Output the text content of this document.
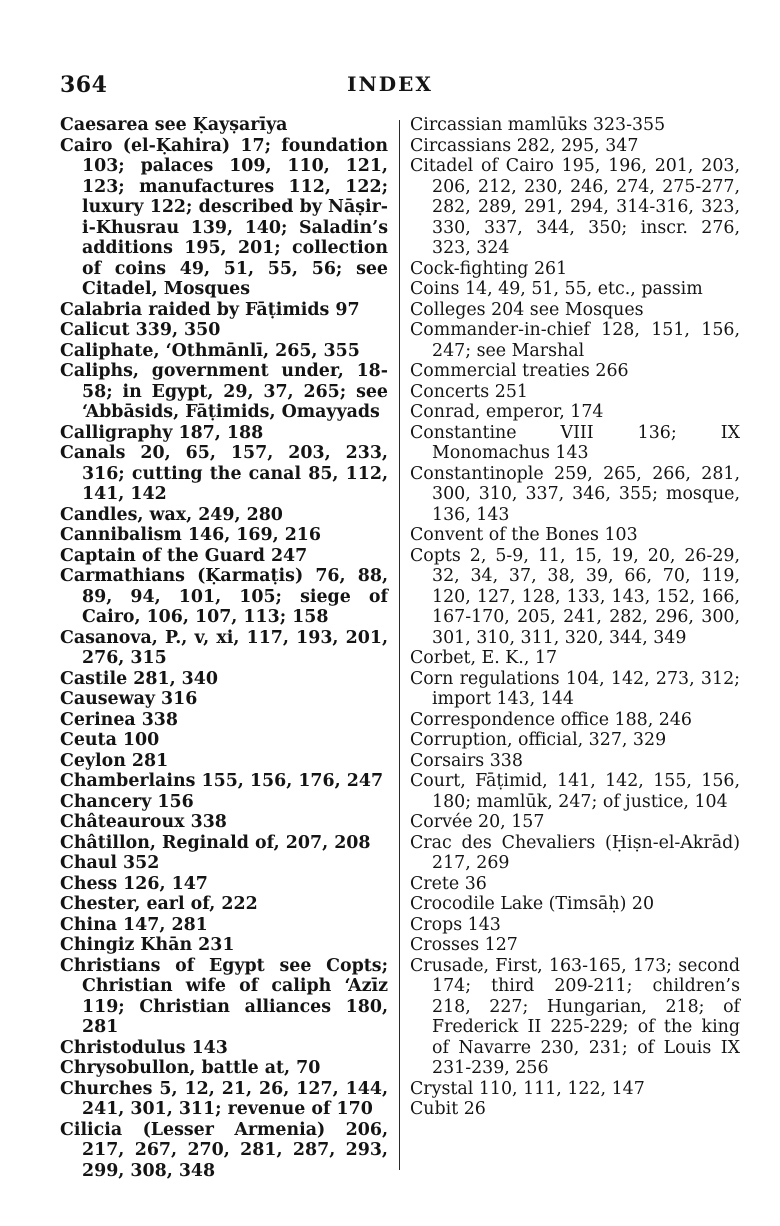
364	INDEX
Caesarea see Ḳayṣarīya
Cairo (el-Ḳahira) 17; foundation 103; palaces 109, 110, 121, 123; manufactures 112, 122; luxury 122; described by Nāṣir-i-Khusrau 139, 140; Saladin’s additions 195, 201; collection of coins 49, 51, 55, 56; see Citadel, Mosques
Calabria raided by Fāṭimids 97
Calicut 339, 350
Caliphate, ‘Othmānlī, 265, 355
Caliphs, government under, 18-58; in Egypt, 29, 37, 265; see ‘Abbāsids, Fāṭimids, Omayyads
Calligraphy 187, 188
Canals 20, 65, 157, 203, 233, 316; cutting the canal 85, 112, 141, 142
Candles, wax, 249, 280
Cannibalism 146, 169, 216
Captain of the Guard 247
Carmathians (Ḳarmaṭis) 76, 88, 89, 94, 101, 105; siege of Cairo, 106, 107, 113; 158
Casanova, P., v, xi, 117, 193, 201, 276, 315
Castile 281, 340
Causeway 316
Cerinea 338
Ceuta 100
Ceylon 281
Chamberlains 155, 156, 176, 247
Chancery 156
Châteauroux 338
Châtillon, Reginald of, 207, 208
Chaul 352
Chess 126, 147
Chester, earl of, 222
China 147, 281
Chingiz Khān 231
Christians of Egypt see Copts; Christian wife of caliph ‘Azīz 119; Christian alliances 180, 281
Christodulus 143
Chrysobullon, battle at, 70
Churches 5, 12, 21, 26, 127, 144, 241, 301, 311; revenue of 170
Cilicia (Lesser Armenia) 206, 217, 267, 270, 281, 287, 293, 299, 308, 348
Circassian mamlūks 323-355
Circassians 282, 295, 347
Citadel of Cairo 195, 196, 201, 203, 206, 212, 230, 246, 274, 275-277, 282, 289, 291, 294, 314-316, 323, 330, 337, 344, 350; inscr. 276, 323, 324
Cock-fighting 261
Coins 14, 49, 51, 55, etc., passim
Colleges 204 see Mosques
Commander-in-chief 128, 151, 156, 247; see Marshal
Commercial treaties 266
Concerts 251
Conrad, emperor, 174
Constantine VIII 136; IX Monomachus 143
Constantinople 259, 265, 266, 281, 300, 310, 337, 346, 355; mosque, 136, 143
Convent of the Bones 103
Copts 2, 5-9, 11, 15, 19, 20, 26-29, 32, 34, 37, 38, 39, 66, 70, 119, 120, 127, 128, 133, 143, 152, 166, 167-170, 205, 241, 282, 296, 300, 301, 310, 311, 320, 344, 349
Corbet, E. K., 17
Corn regulations 104, 142, 273, 312; import 143, 144
Correspondence office 188, 246
Corruption, official, 327, 329
Corsairs 338
Court, Fāṭimid, 141, 142, 155, 156, 180; mamlūk, 247; of justice, 104
Corvée 20, 157
Crac des Chevaliers (Ḥiṣn-el-Akrād) 217, 269
Crete 36
Crocodile Lake (Timsāḥ) 20
Crops 143
Crosses 127
Crusade, First, 163-165, 173; second 174; third 209-211; children’s 218, 227; Hungarian, 218; of Frederick II 225-229; of the king of Navarre 230, 231; of Louis IX 231-239, 256
Crystal 110, 111, 122, 147
Cubit 26
